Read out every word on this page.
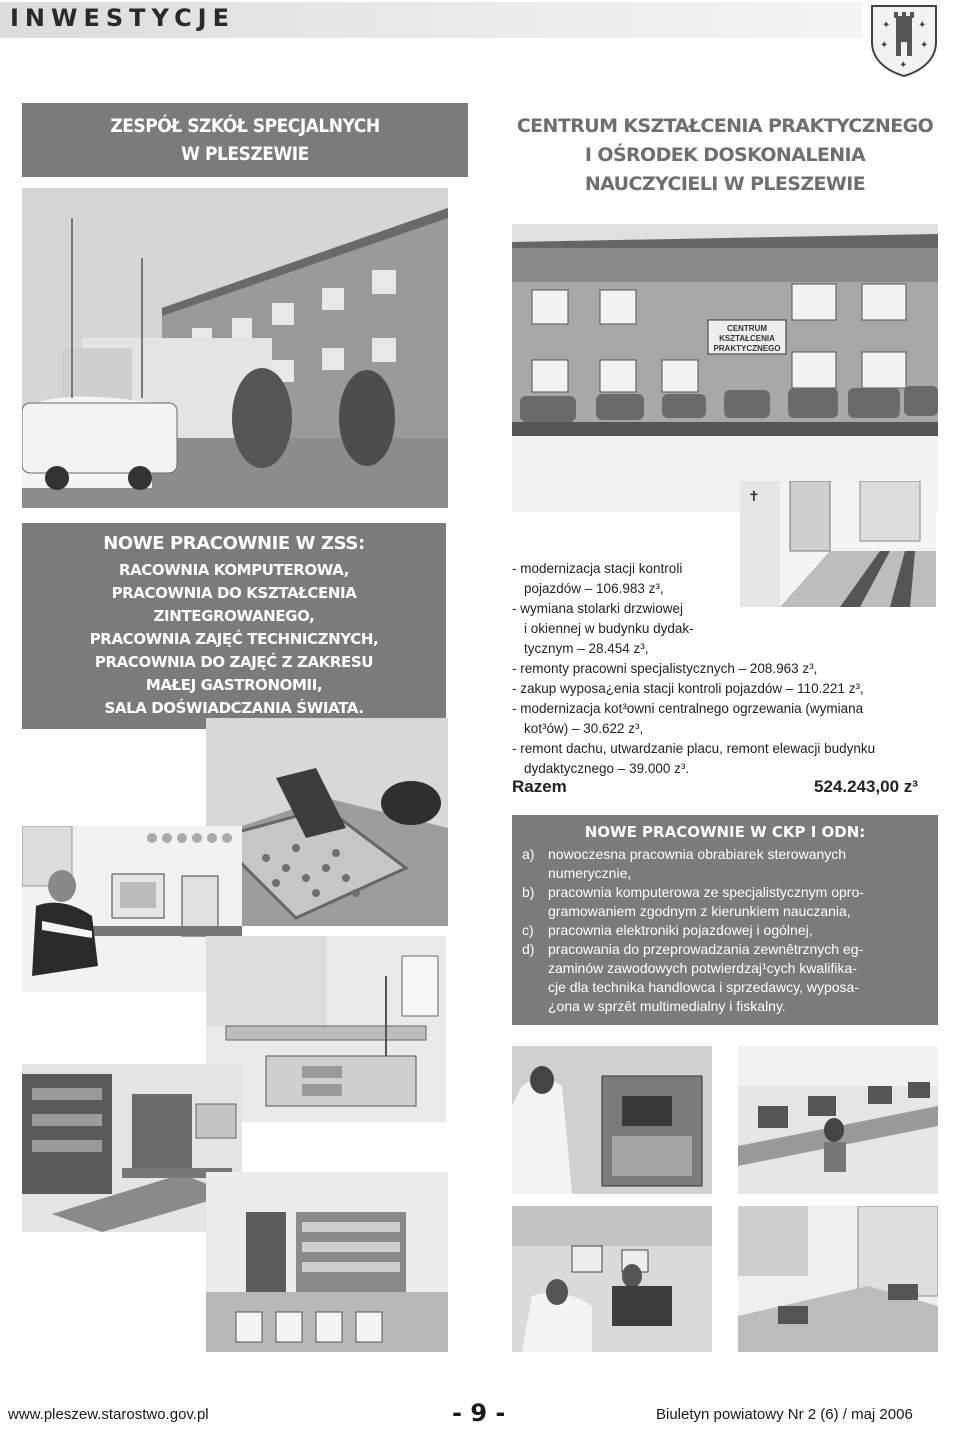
INWESTYCJE	✦	✦
✦	✦
✦
ZESPÓŁ SZKÓŁ SPECJALNYCH
W PLESZEWIE
CENTRUM KSZTAŁCENIA PRAKTYCZNEGO
I OŚRODEK DOSKONALENIA
NAUCZYCIELI W PLESZEWIE
CENTRUM
KSZTAŁCENIA
PRAKTYCZNEGO
NOWE PRACOWNIE W ZSS:
RACOWNIA KOMPUTEROWA,
PRACOWNIA DO KSZTAŁCENIA
ZINTEGROWANEGO,
PRACOWNIA ZAJĘĆ TECHNICZNYCH,
PRACOWNIA DO ZAJĘĆ Z ZAKRESU
MAŁEJ GASTRONOMII,
SALA DOŚWIADCZANIA ŚWIATA.
✝
- modernizacja stacji kontroli
pojazdów – 106.983 z³,
- wymiana stolarki drzwiowej
i okiennej w budynku dydak-
tycznym – 28.454 z³,
- remonty pracowni specjalistycznych – 208.963 z³,
- zakup wyposa¿enia stacji kontroli pojazdów – 110.221 z³,
- modernizacja kot³owni centralnego ogrzewania (wymiana
kot³ów) – 30.622 z³,
- remont dachu, utwardzanie placu, remont elewacji budynku
dydaktycznego – 39.000 z³.
Razem	524.243,00 z³
NOWE PRACOWNIE W CKP I ODN:
a) nowoczesna pracownia obrabiarek sterowanych
numerycznie,
b) pracownia komputerowa ze specjalistycznym opro-
gramowaniem zgodnym z kierunkiem nauczania,
c) pracownia elektroniki pojazdowej i ogólnej,
d) pracowania do przeprowadzania zewnêtrznych eg-
zaminów zawodowych potwierdzaj¹cych kwalifika-
cje dla technika handlowca i sprzedawcy, wyposa-
¿ona w sprzêt multimedialny i fiskalny.
www.pleszew.starostwo.gov.pl	- 9 -	Biuletyn powiatowy Nr 2 (6) / maj 2006
